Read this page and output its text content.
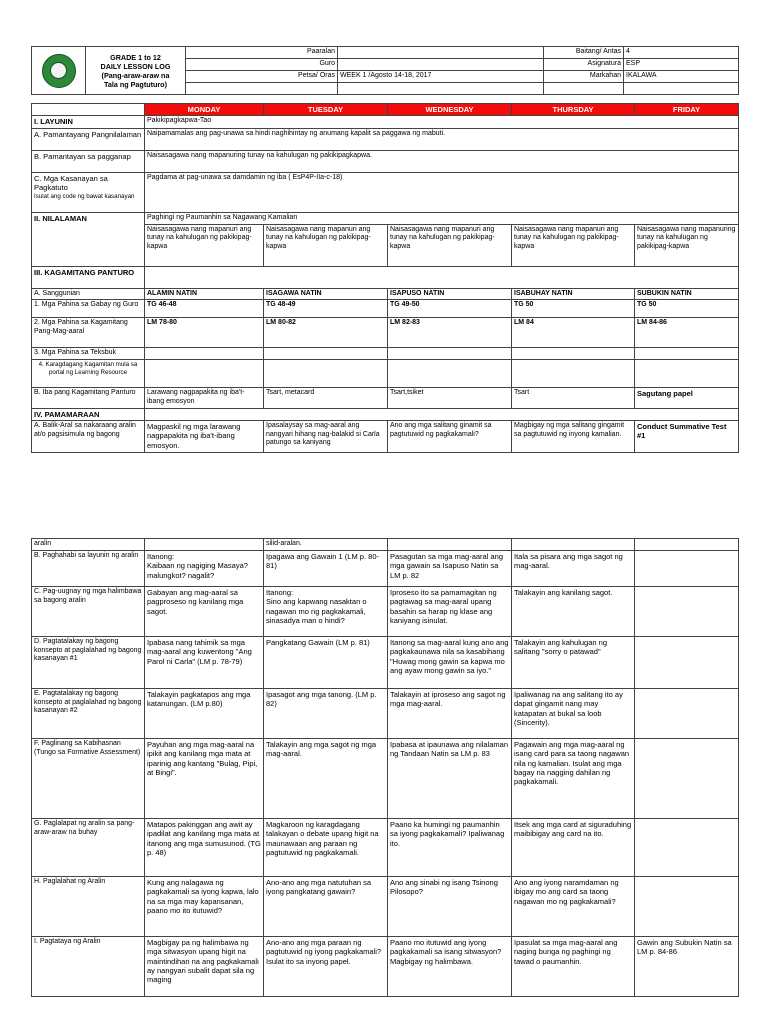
	GRADE 1 to 12
DAILY LESSON LOG
(Pang-araw-araw na
Tala ng Pagtuturo)	Paaralan		Baitang/ Antas	4
		Guro		Asignatura	ESP
		Petsa/ Oras	WEEK 1 /Agosto 14-18, 2017	Markahan	IKALAWA

	MONDAY	TUESDAY	WEDNESDAY	THURSDAY	FRIDAY
I. LAYUNIN	Pakikipagkapwa-Tao				
A. Pamantayang Pangnilalaman	Naipamamalas ang pag-unawa sa hindi naghihintay ng anumang kapalit sa paggawa ng mabuti.				
B. Pamantayan sa pagganap	Naisasagawa nang mapanuring tunay na kahulugan ng pakikipagkapwa.				

C. Mga Kasanayan sa Pagkatuto
Isulat ang code ng bawat kasanayan	Pagdama at pag-unawa sa damdamin ng iba ( EsP4P-IIa-c-18)				
II. NILALAMAN	Paghingi ng Paumanhin sa Nagawang Kamalian				
	Naisasagawa nang mapanuri ang tunay na kahulugan ng pakikipag-kapwa	Naisasagawa nang mapanuri ang tunay na kahulugan ng pakikipag-kapwa	Naisasagawa nang mapanuri ang tunay na kahulugan ng pakikipag-kapwa	Naisasagawa nang mapanuri ang tunay na kahulugan ng pakikipag-kapwa	Naisasagawa nang mapanuring tunay na kahulugan ng pakikipag-kapwa
III. KAGAMITANG PANTURO					
A. Sanggunian	ALAMIN NATIN	ISAGAWA NATIN	ISAPUSO NATIN	ISABUHAY NATIN	SUBUKIN NATIN
1. Mga Pahina sa Gabay ng Guro	TG 46-48	TG 48-49	TG 49-50	TG 50	TG 50
2. Mga Pahina sa Kagamitang Pang-Mag-aaral	LM 78-80	LM 80-82	LM 82-83	LM 84	LM 84-86
3. Mga Pahina sa Teksbuk					
4. Karagdagang Kagamitan mula sa portal ng Learning Resource					
B. Iba pang Kagamitang Panturo	Larawang nagpapakita ng iba't-ibang emosyon	Tsart, metacard	Tsart,tsiket	Tsart	Sagutang papel
IV. PAMAMARAAN					
A. Balik-Aral sa nakaraang aralin at/o pagsisimula ng bagong	Magpaskil ng mga larawang nagpapakita ng iba't-ibang emosyon.	Ipasalaysay sa mag-aaral ang nangyari hihang nag-balakid si Carla patungo sa kaniyang	Ano ang mga salitang ginamit sa pagtutuwid ng pagkakamali?	Magbigay ng mga salitang gingamit sa pagtutuwid ng inyong kamalian.	Conduct Summative Test #1
aralin		silid-aralan.			
B. Paghahabi sa layunin ng aralin	Itanong:
Kaibaan ng nagiging Masaya? malungkot? nagalit?	Ipagawa ang Gawain 1 (LM p. 80-81)	Pasagutan sa mga mag-aaral ang mga gawain sa Isapuso Natin sa LM p. 82	Itala sa pisara ang mga sagot ng mag-aaral.	
C. Pag-uugnay ng mga halimbawa sa bagong aralin	Gabayan ang mag-aaral sa pagproseso ng kanilang mga sagot.	Itanong:
Sino ang kapwang nasaktan o nagawan mo ng pagkakamali, sinasadya man o hindi?	Iproseso ito sa pamamagitan ng pagtawag sa mag-aaral upang basahin sa harap ng klase ang kaniyang isinulat.	Talakayin ang kanilang sagot.	
D. Pagtatalakay ng bagong konsepto at paglalahad ng bagong kasanayan #1	Ipabasa nang tahimik sa mga mag-aaral ang kuwentong "Ang Parol ni Carla" (LM p. 78-79)	Pangkatang Gawain (LM p. 81)	Itanong sa mag-aaral kung ano ang pagkakaunawa nila sa kasabihang "Huwag mong gawin sa kapwa mo ang ayaw mong gawin sa iyo."	Talakayin ang kahulugan ng salitang "sorry o patawad"	
E. Pagtatalakay ng bagong konsepto at paglalahad ng bagong kasanayan #2	Talakayin pagkatapos ang mga katanungan. (LM p.80)	Ipasagot ang mga tanong. (LM p. 82)	Talakayin at iproseso ang sagot ng mga mag-aaral.	Ipaliwanag na ang salitang ito ay dapat gingamit nang may katapatan at bukal sa loob (Sincerity).	
F. Paglinang sa Kabihasnan (Tungo sa Formative Assessment)	Payuhan ang mga mag-aaral na ipikit ang kanilang mga mata at iparinig ang kantang "Bulag, Pipi, at Bingi".	Talakayin ang mga sagot ng mga mag-aaral.	Ipabasa at ipaunawa ang nilalaman ng Tandaan Natin sa LM p. 83	Pagawain ang mga mag-aaral ng isang card para sa taong nagawan nila ng kamalian. Isulat ang mga bagay na nagging dahilan ng pagkakamali.	
G. Paglalapat ng aralin sa pang-araw-araw na buhay	Matapos pakinggan ang awit ay ipadilat ang kanilang mga mata at itanong ang mga sumusunod. (TG p. 48)	Magkaroon ng karagdagang talakayan o debate upang higit na maunawaan ang paraan ng pagtutuwid ng pagkakamali.	Paano ka humingi ng paumanhin sa iyong pagkakamali? Ipaliwanag ito.	Itsek ang mga card at siguraduhing maibibigay ang card na ito.	
H. Paglalahat ng Aralin	Kung ang nalagawa ng pagkakamali sa iyong kapwa, lalo na sa mga may kapansanan, paano mo ito itutuwid?	Ano-ano ang mga natutuhan sa iyong pangkatang gawain?	Ano ang sinabi ng isang Tsinong Pilosopo?	Ano ang iyong naramdaman ng ibigay mo ang card sa taong nagawan mo ng pagkakamali?	
I. Pagtataya ng Aralin	Magbigay pa ng halimbawa ng mga sitwasyon upang higit na maintindihan na ang pagkakamali ay nangyari subalit dapat sila ng maging	Ano-ano ang mga paraan ng pagtutuwid ng iyong pagkakamali? Isulat ito sa inyong papel.	Paano mo itutuwid ang iyong pagkakamali sa isang sitwasyon? Magbigay ng halimbawa.	Ipasulat sa mga mag-aaral ang naging bunga ng paghingi ng tawad o paumanhin.	Gawin ang Subukin Natin sa LM p. 84-86
